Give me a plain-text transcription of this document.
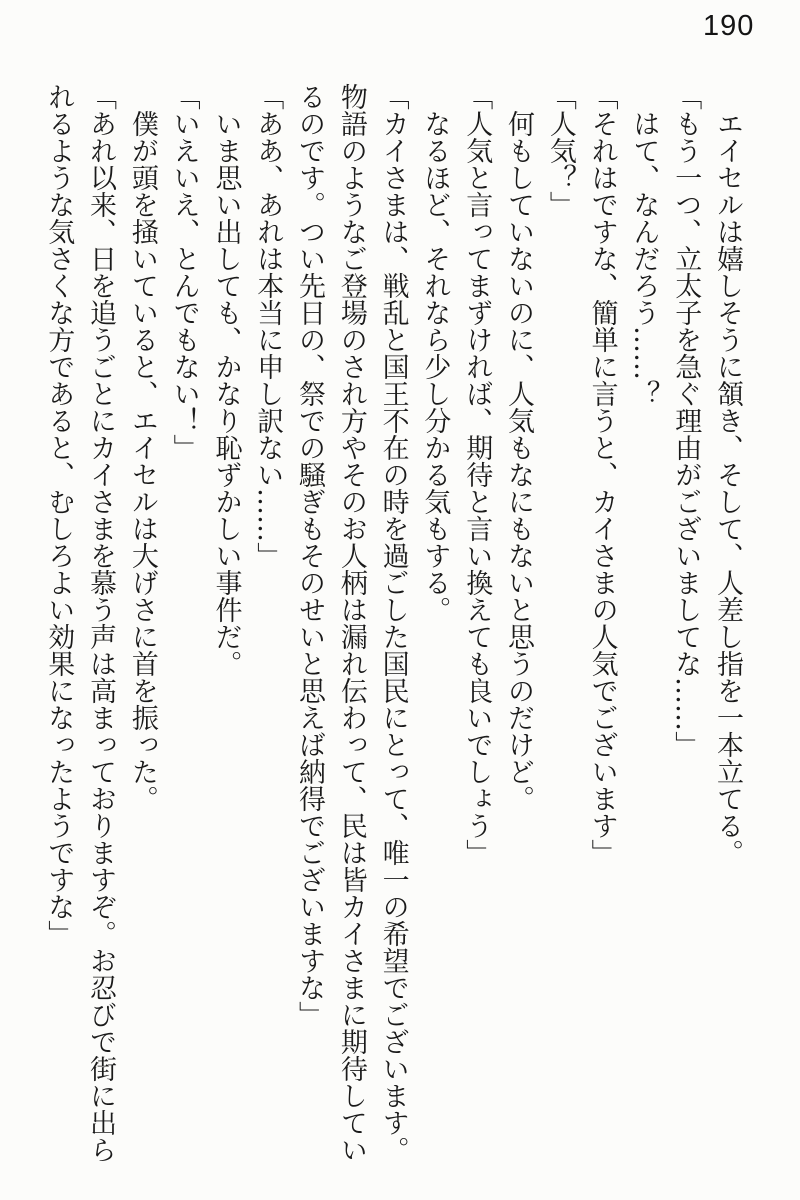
190

　エイセルは嬉しそうに頷き、そして、人差し指を一本立てる。

「もう一つ、立太子を急ぐ理由がございましてな……」

　はて、なんだろう……？

「それはですな、簡単に言うと、カイさまの人気でございます」

「人気？」

　何もしていないのに、人気もなにもないと思うのだけど。

「人気と言ってまずければ、期待と言い換えても良いでしょう」

　なるほど、それなら少し分かる気もする。

「カイさまは、戦乱と国王不在の時を過ごした国民にとって、唯一の希望でございます。

物語のようなご登場のされ方やそのお人柄は漏れ伝わって、民は皆カイさまに期待してい

るのです。つい先日の、祭での騒ぎもそのせいと思えば納得でございますな」

「ああ、あれは本当に申し訳ない……」

　いま思い出しても、かなり恥ずかしい事件だ。

「いえいえ、とんでもない！」

　僕が頭を掻いていると、エイセルは大げさに首を振った。

「あれ以来、日を追うごとにカイさまを慕う声は高まっておりますぞ。お忍びで街に出ら

れるような気さくな方であると、むしろよい効果になったようですな」
